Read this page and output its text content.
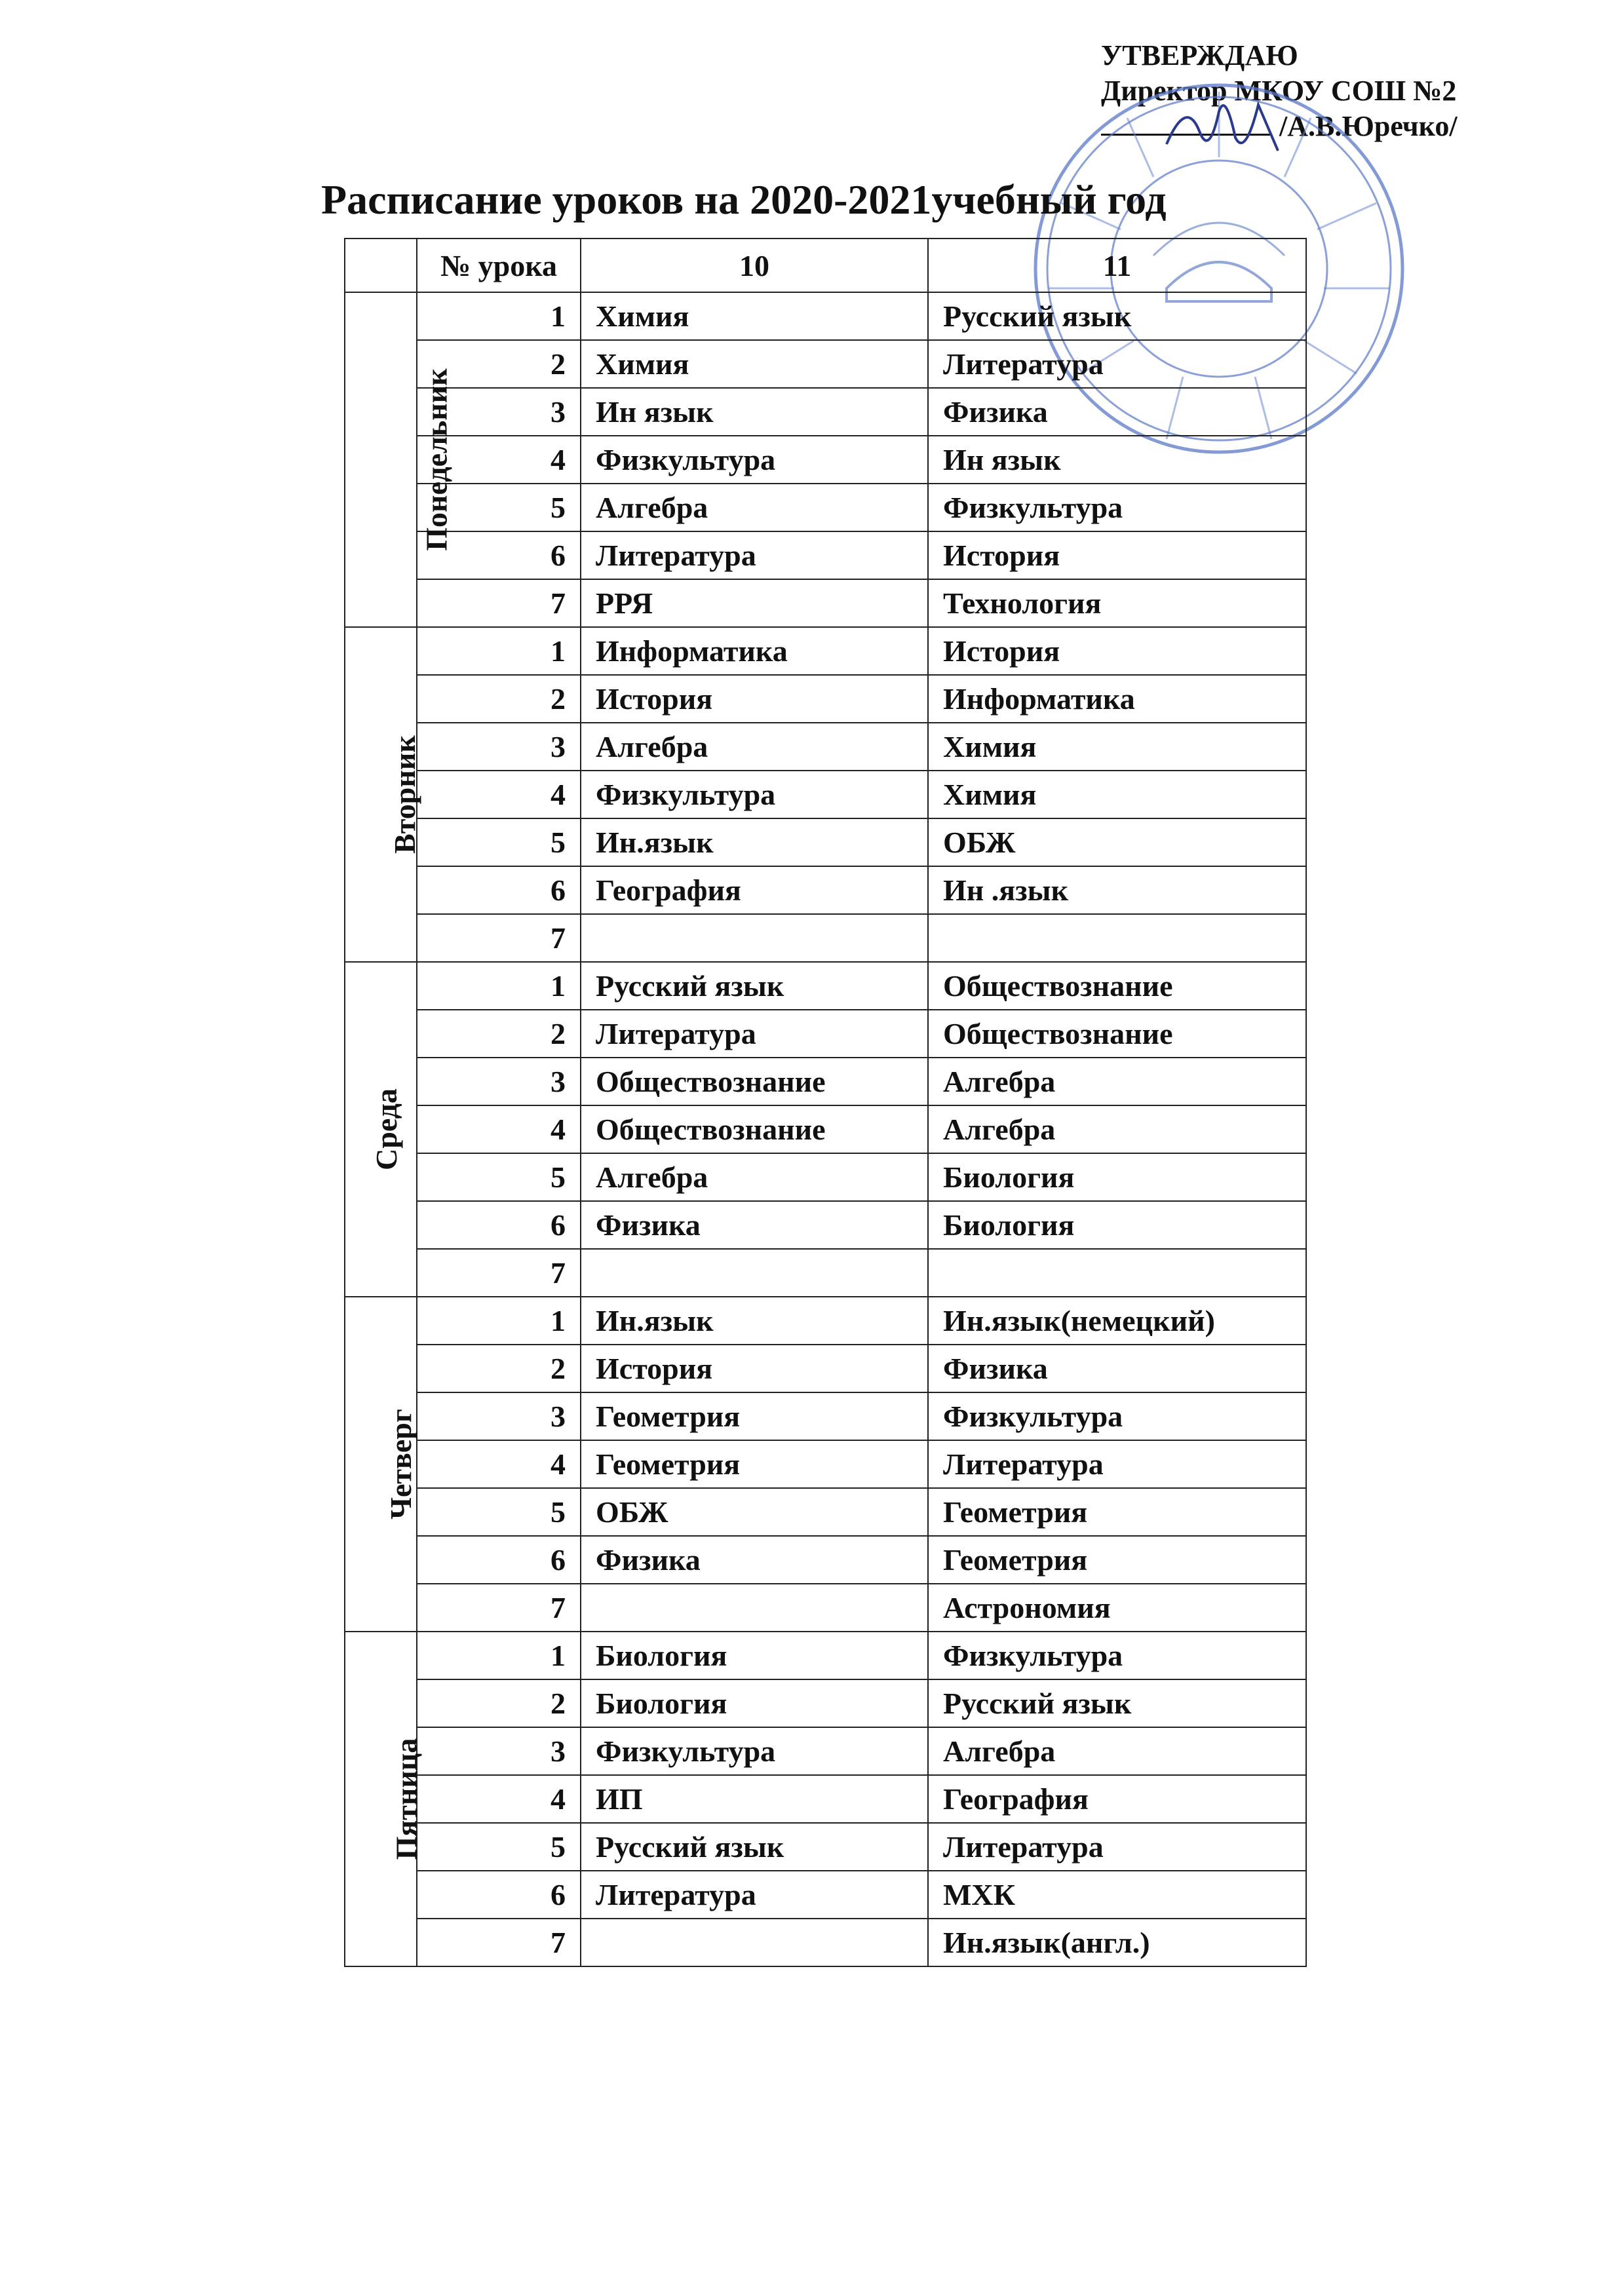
УТВЕРЖДАЮ
Директор МКОУ СОШ №2
/А.В.Юречко/
Расписание уроков на 2020-2021учебный год
	№ урока	10	11
Понедельник	1	Химия	Русский язык
	2	Химия	Литература
	3	Ин язык	Физика
	4	Физкультура	Ин язык
	5	Алгебра	Физкультура
	6	Литература	История
	7	РРЯ	Технология
Вторник	1	Информатика	История
	2	История	Информатика
	3	Алгебра	Химия
	4	Физкультура	Химия
	5	Ин.язык	ОБЖ
	6	География	Ин .язык
	7		
Среда	1	Русский язык	Обществознание
	2	Литература	Обществознание
	3	Обществознание	Алгебра
	4	Обществознание	Алгебра
	5	Алгебра	Биология
	6	Физика	Биология
	7		
Четверг	1	Ин.язык	Ин.язык(немецкий)
	2	История	Физика
	3	Геометрия	Физкультура
	4	Геометрия	Литература
	5	ОБЖ	Геометрия
	6	Физика	Геометрия
	7		Астрономия
Пятница	1	Биология	Физкультура
	2	Биология	Русский язык
	3	Физкультура	Алгебра
	4	ИП	География
	5	Русский язык	Литература
	6	Литература	МХК
	7		Ин.язык(англ.)
